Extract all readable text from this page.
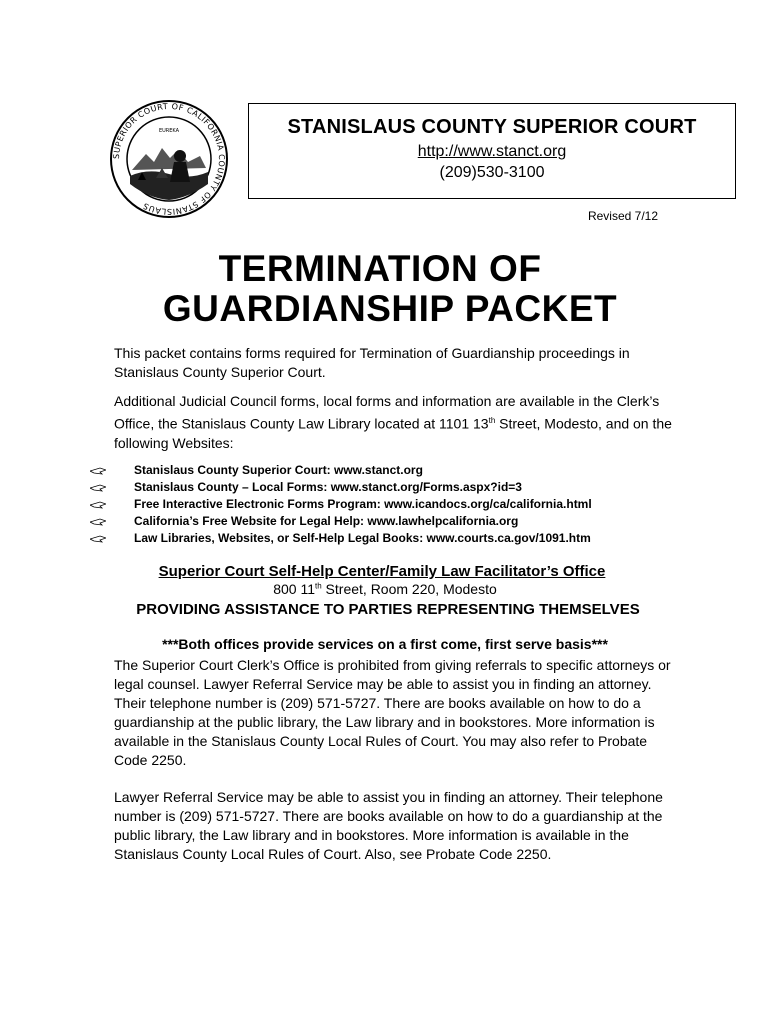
SUPERIOR COURT OF CALIFORNIA COUNTY OF STANISLAUS
EUREKA	STANISLAUS COUNTY SUPERIOR COURT
http://www.stanct.org
(209)530-3100
Revised 7/12
TERMINATION OF
GUARDIANSHIP PACKET
This packet contains forms required for Termination of Guardianship proceedings in Stanislaus County Superior Court.
Additional Judicial Council forms, local forms and information are available in the Clerk’s Office, the Stanislaus County Law Library located at 1101 13th Street, Modesto, and on the following Websites:
Stanislaus County Superior Court: www.stanct.org
Stanislaus County – Local Forms: www.stanct.org/Forms.aspx?id=3
Free Interactive Electronic Forms Program: www.icandocs.org/ca/california.html
California’s Free Website for Legal Help: www.lawhelpcalifornia.org
Law Libraries, Websites, or Self-Help Legal Books: www.courts.ca.gov/1091.htm
Superior Court Self-Help Center/Family Law Facilitator’s Office
800 11th Street, Room 220, Modesto
PROVIDING ASSISTANCE TO PARTIES REPRESENTING THEMSELVES
***Both offices provide services on a first come, first serve basis***
The Superior Court Clerk’s Office is prohibited from giving referrals to specific attorneys or legal counsel. Lawyer Referral Service may be able to assist you in finding an attorney. Their telephone number is (209) 571-5727. There are books available on how to do a guardianship at the public library, the Law library and in bookstores. More information is available in the Stanislaus County Local Rules of Court. You may also refer to Probate Code 2250.
Lawyer Referral Service may be able to assist you in finding an attorney. Their telephone number is (209) 571-5727. There are books available on how to do a guardianship at the public library, the Law library and in bookstores. More information is available in the Stanislaus County Local Rules of Court. Also, see Probate Code 2250.
